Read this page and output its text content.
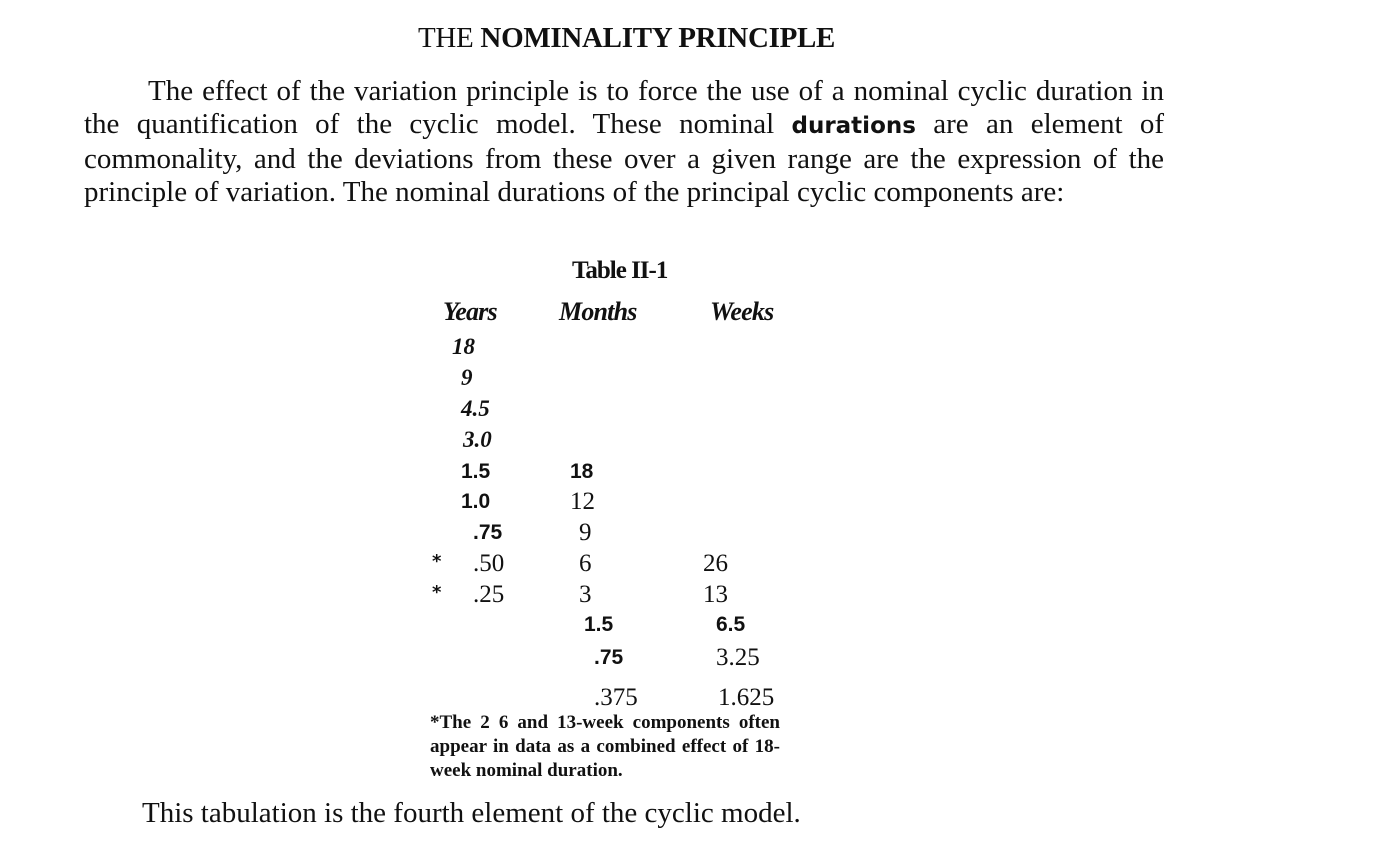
THE NOMINALITY PRINCIPLE
The effect of the variation principle is to force the use of a nominal cyclic duration in the quantification of the cyclic model. These nominal durations are an element of commonality, and the deviations from these over a given range are the expression of the principle of variation. The nominal durations of the principal cyclic components are:
Table II-1
Years Months	Weeks
18
9
4.5
3.0
1.5
1.0
.75
* .50
* .25
18
12
9
6
3
1.5
.75
.375
26
13
6.5
3.25
1.625
*The 2 6 and 13-week components often appear in data as a combined effect of 18-week nominal duration.
This tabulation is the fourth element of the cyclic model.
